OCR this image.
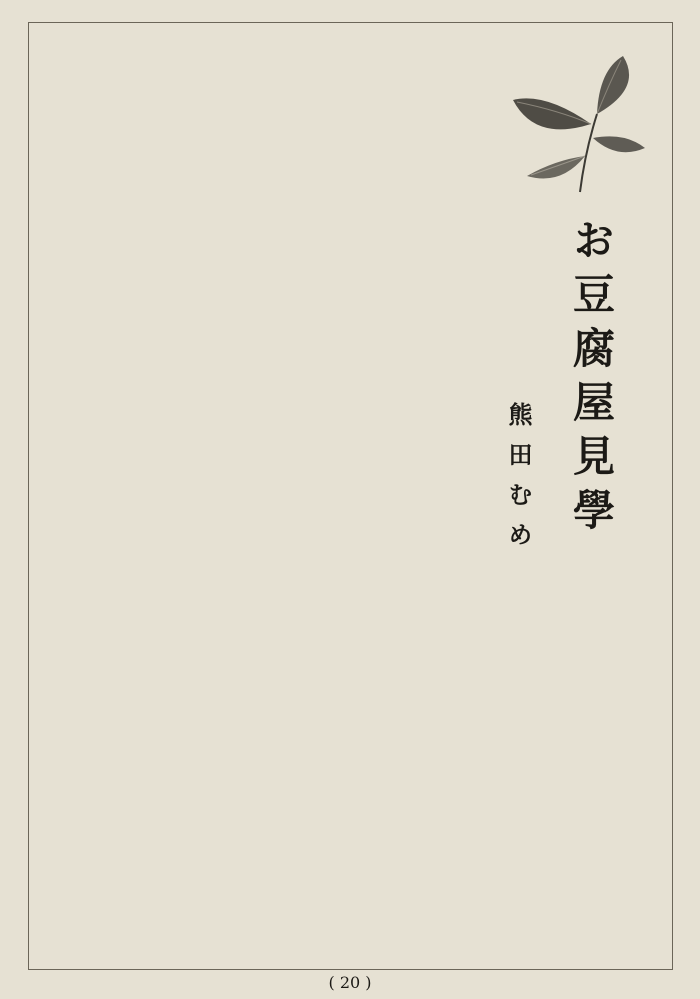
お豆腐屋見學
熊田むめ
( 20 )
